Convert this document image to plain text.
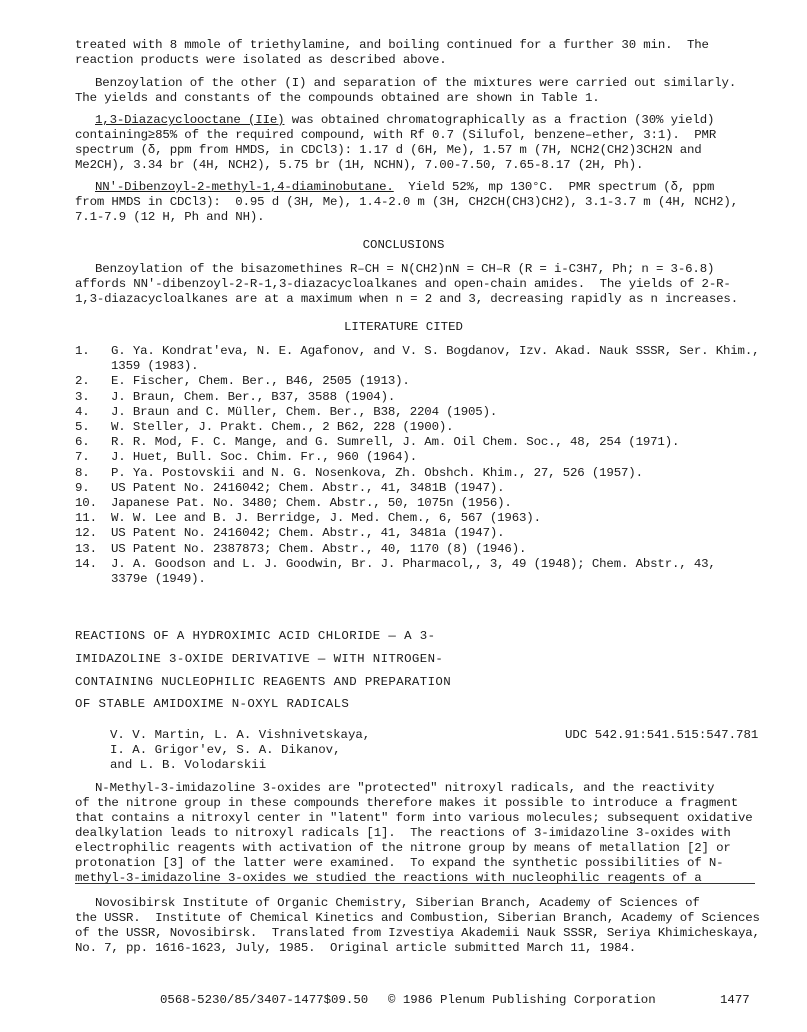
treated with 8 mmole of triethylamine, and boiling continued for a further 30 min.  The
reaction products were isolated as described above.
Benzoylation of the other (I) and separation of the mixtures were carried out similarly.
The yields and constants of the compounds obtained are shown in Table 1.
1,3-Diazacyclooctane (IIe) was obtained chromatographically as a fraction (30% yield)
containing≥85% of the required compound, with Rf 0.7 (Silufol, benzene–ether, 3:1).  PMR
spectrum (δ, ppm from HMDS, in CDCl3): 1.17 d (6H, Me), 1.57 m (7H, NCH2(CH2)3CH2N and
Me2CH), 3.34 br (4H, NCH2), 5.75 br (1H, NCHN), 7.00-7.50, 7.65-8.17 (2H, Ph).
NN'-Dibenzoyl-2-methyl-1,4-diaminobutane.  Yield 52%, mp 130°C.  PMR spectrum (δ, ppm
from HMDS in CDCl3):  0.95 d (3H, Me), 1.4-2.0 m (3H, CH2CH(CH3)CH2), 3.1-3.7 m (4H, NCH2),
7.1-7.9 (12 H, Ph and NH).
CONCLUSIONS
Benzoylation of the bisazomethines R–CH = N(CH2)nN = CH–R (R = i-C3H7, Ph; n = 3-6.8)
affords NN'-dibenzoyl-2-R-1,3-diazacycloalkanes and open-chain amides.  The yields of 2-R-
1,3-diazacycloalkanes are at a maximum when n = 2 and 3, decreasing rapidly as n increases.
LITERATURE CITED
1. G. Ya. Kondrat'eva, N. E. Agafonov, and V. S. Bogdanov, Izv. Akad. Nauk SSSR, Ser. Khim.,
1359 (1983).
2. E. Fischer, Chem. Ber., B46, 2505 (1913).
3. J. Braun, Chem. Ber., B37, 3588 (1904).
4. J. Braun and C. Müller, Chem. Ber., B38, 2204 (1905).
5. W. Steller, J. Prakt. Chem., 2 B62, 228 (1900).
6. R. R. Mod, F. C. Mange, and G. Sumrell, J. Am. Oil Chem. Soc., 48, 254 (1971).
7. J. Huet, Bull. Soc. Chim. Fr., 960 (1964).
8. P. Ya. Postovskii and N. G. Nosenkova, Zh. Obshch. Khim., 27, 526 (1957).
9. US Patent No. 2416042; Chem. Abstr., 41, 3481B (1947).
10. Japanese Pat. No. 3480; Chem. Abstr., 50, 1075n (1956).
11. W. W. Lee and B. J. Berridge, J. Med. Chem., 6, 567 (1963).
12. US Patent No. 2416042; Chem. Abstr., 41, 3481a (1947).
13. US Patent No. 2387873; Chem. Abstr., 40, 1170 (8) (1946).
14. J. A. Goodson and L. J. Goodwin, Br. J. Pharmacol,, 3, 49 (1948); Chem. Abstr., 43,
3379e (1949).
REACTIONS OF A HYDROXIMIC ACID CHLORIDE — A 3-
IMIDAZOLINE 3-OXIDE DERIVATIVE — WITH NITROGEN-
CONTAINING NUCLEOPHILIC REAGENTS AND PREPARATION
OF STABLE AMIDOXIME N-OXYL RADICALS
V. V. Martin, L. A. Vishnivetskaya,
I. A. Grigor'ev, S. A. Dikanov,
and L. B. Volodarskii
UDC 542.91:541.515:547.781
N-Methyl-3-imidazoline 3-oxides are "protected" nitroxyl radicals, and the reactivity
of the nitrone group in these compounds therefore makes it possible to introduce a fragment
that contains a nitroxyl center in "latent" form into various molecules; subsequent oxidative
dealkylation leads to nitroxyl radicals [1].  The reactions of 3-imidazoline 3-oxides with
electrophilic reagents with activation of the nitrone group by means of metallation [2] or
protonation [3] of the latter were examined.  To expand the synthetic possibilities of N-
methyl-3-imidazoline 3-oxides we studied the reactions with nucleophilic reagents of a
Novosibirsk Institute of Organic Chemistry, Siberian Branch, Academy of Sciences of
the USSR.  Institute of Chemical Kinetics and Combustion, Siberian Branch, Academy of Sciences
of the USSR, Novosibirsk.  Translated from Izvestiya Akademii Nauk SSSR, Seriya Khimicheskaya,
No. 7, pp. 1616-1623, July, 1985.  Original article submitted March 11, 1984.
0568-5230/85/3407-1477$09.50 © 1986 Plenum Publishing Corporation	1477
